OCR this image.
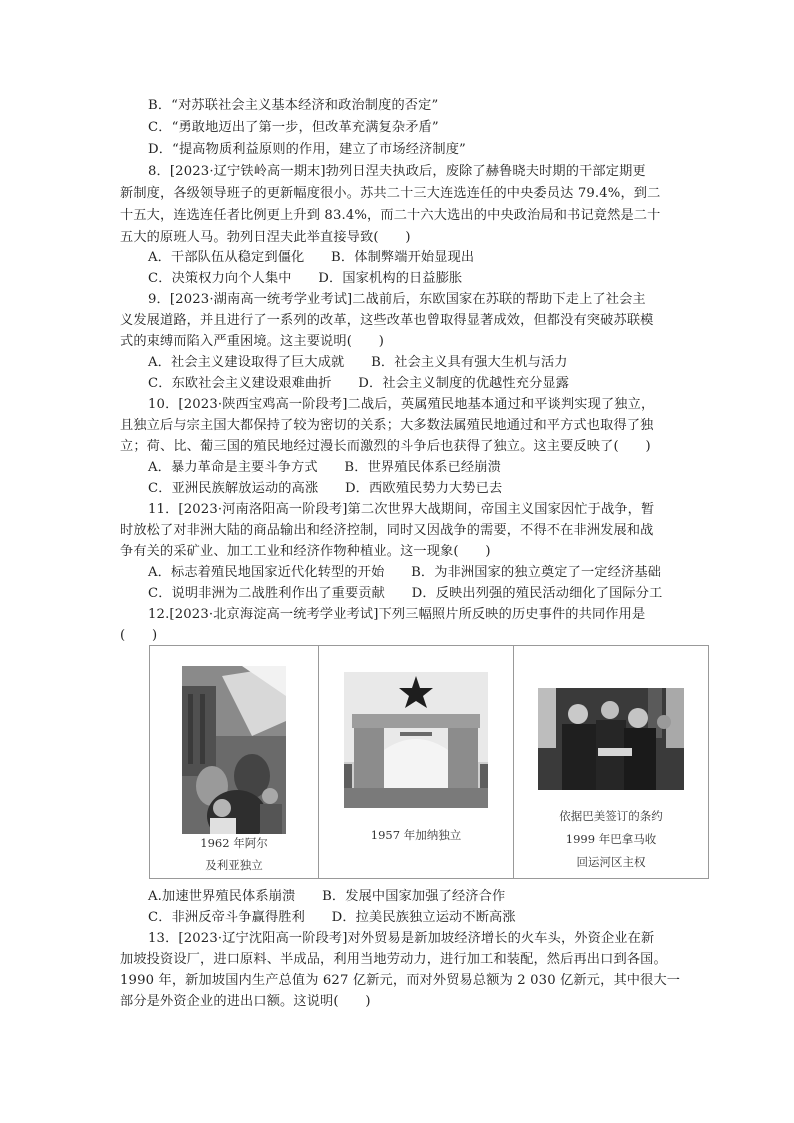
B．“对苏联社会主义基本经济和政治制度的否定”
C．“勇敢地迈出了第一步，但改革充满复杂矛盾”
D．“提高物质利益原则的作用，建立了市场经济制度”
8．[2023·辽宁铁岭高一期末]勃列日涅夫执政后，废除了赫鲁晓夫时期的干部定期更
新制度，各级领导班子的更新幅度很小。苏共二十三大连选连任的中央委员达 79.4%，到二
十五大，连选连任者比例更上升到 83.4%，而二十六大选出的中央政治局和书记竟然是二十
五大的原班人马。勃列日涅夫此举直接导致(　　)
A．干部队伍从稳定到僵化　　B．体制弊端开始显现出
C．决策权力向个人集中　　D．国家机构的日益膨胀
9．[2023·湖南高一统考学业考试]二战前后，东欧国家在苏联的帮助下走上了社会主
义发展道路，并且进行了一系列的改革，这些改革也曾取得显著成效，但都没有突破苏联模
式的束缚而陷入严重困境。这主要说明(　　)
A．社会主义建设取得了巨大成就　　B．社会主义具有强大生机与活力
C．东欧社会主义建设艰难曲折　　D．社会主义制度的优越性充分显露
10．[2023·陕西宝鸡高一阶段考]二战后，英属殖民地基本通过和平谈判实现了独立，
且独立后与宗主国大都保持了较为密切的关系；大多数法属殖民地通过和平方式也取得了独
立；荷、比、葡三国的殖民地经过漫长而激烈的斗争后也获得了独立。这主要反映了(　　)
A．暴力革命是主要斗争方式　　B．世界殖民体系已经崩溃
C．亚洲民族解放运动的高涨　　D．西欧殖民势力大势已去
11．[2023·河南洛阳高一阶段考]第二次世界大战期间，帝国主义国家因忙于战争，暂
时放松了对非洲大陆的商品输出和经济控制，同时又因战争的需要，不得不在非洲发展和战
争有关的采矿业、加工工业和经济作物种植业。这一现象(　　)
A．标志着殖民地国家近代化转型的开始　　B．为非洲国家的独立奠定了一定经济基础
C．说明非洲为二战胜利作出了重要贡献　　D．反映出列强的殖民活动细化了国际分工
12.[2023·北京海淀高一统考学业考试]下列三幅照片所反映的历史事件的共同作用是
(　　)
1962 年阿尔
及利亚独立
1957 年加纳独立
依据巴美签订的条约
1999 年巴拿马收
回运河区主权
A.加速世界殖民体系崩溃　　B．发展中国家加强了经济合作
C．非洲反帝斗争赢得胜利　　D．拉美民族独立运动不断高涨
13．[2023·辽宁沈阳高一阶段考]对外贸易是新加坡经济增长的火车头，外资企业在新
加坡投资设厂，进口原料、半成品，利用当地劳动力，进行加工和装配，然后再出口到各国。
1990 年，新加坡国内生产总值为 627 亿新元，而对外贸易总额为 2 030 亿新元，其中很大一
部分是外资企业的进出口额。这说明(　　)
